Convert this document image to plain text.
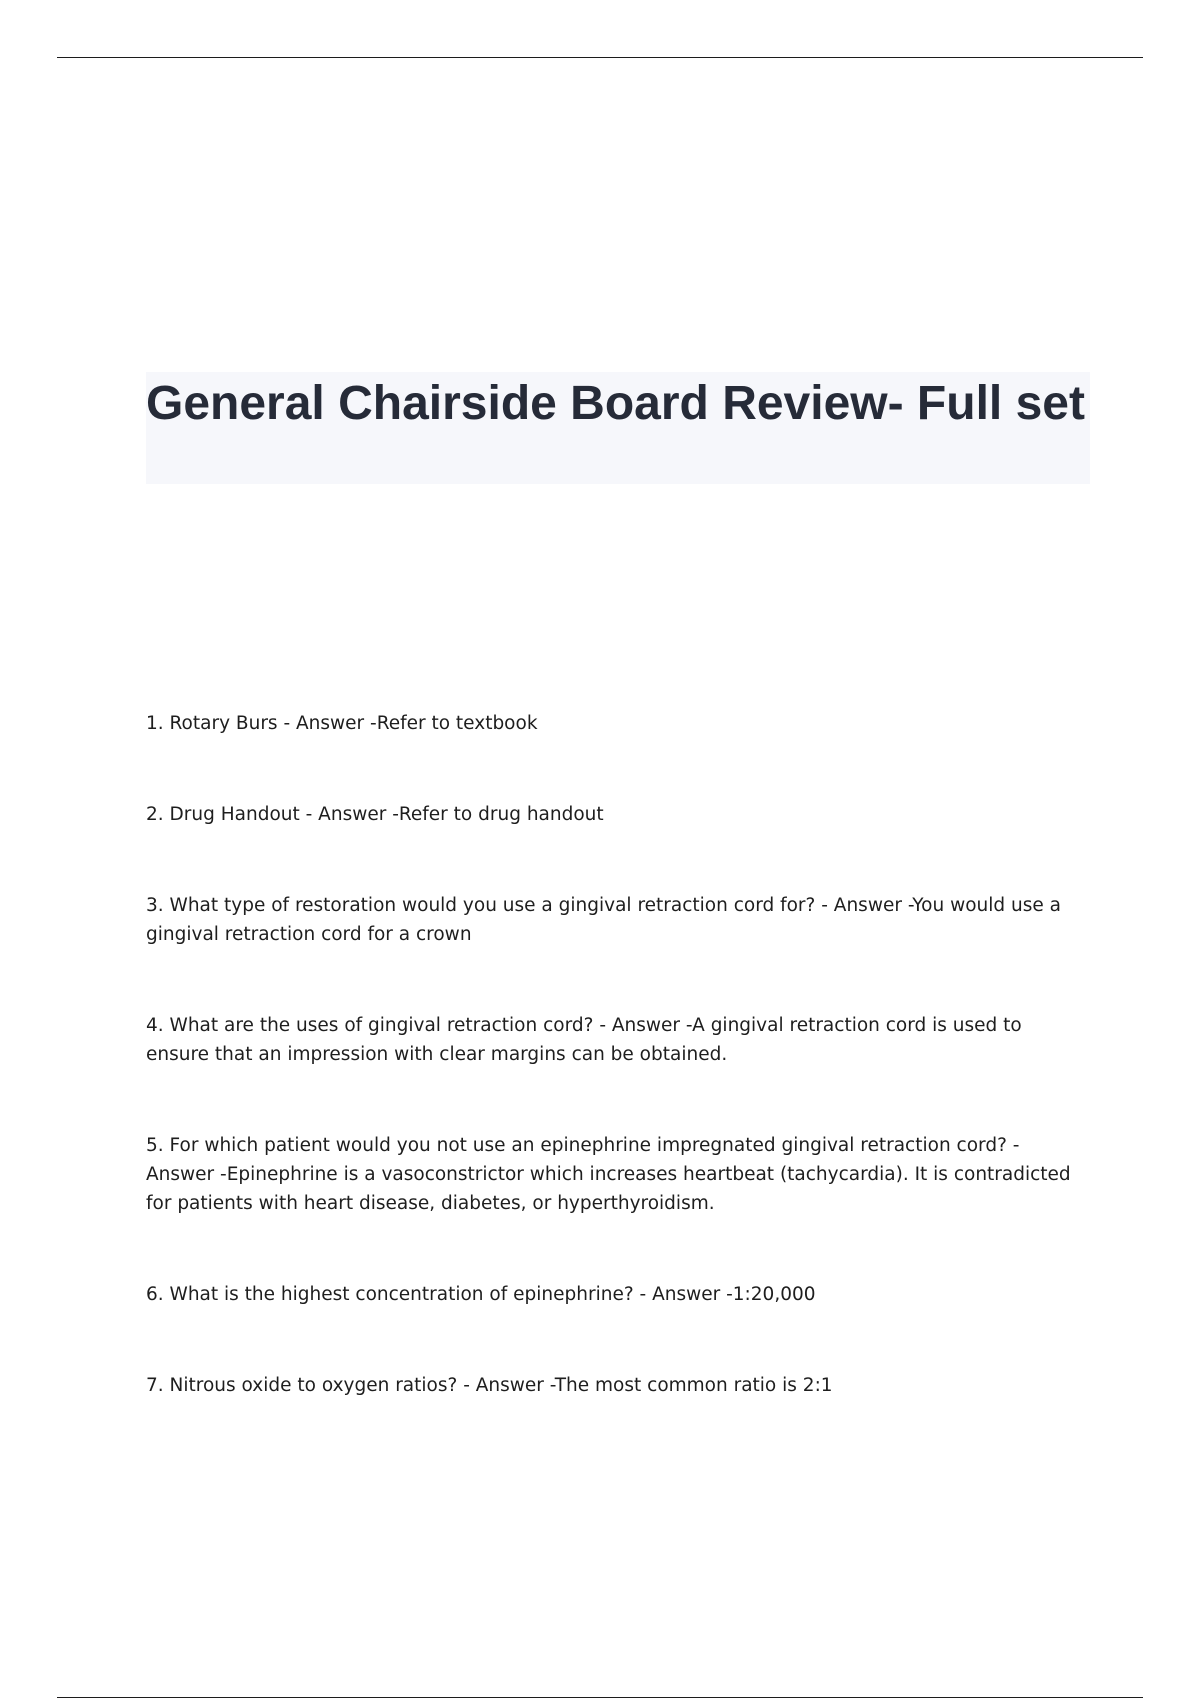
General Chairside Board Review- Full set

1. Rotary Burs - Answer -Refer to textbook

2. Drug Handout - Answer -Refer to drug handout

3. What type of restoration would you use a gingival retraction cord for? - Answer -You would use a gingival retraction cord for a crown

4. What are the uses of gingival retraction cord? - Answer -A gingival retraction cord is used to ensure that an impression with clear margins can be obtained.

5. For which patient would you not use an epinephrine impregnated gingival retraction cord? - Answer -Epinephrine is a vasoconstrictor which increases heartbeat (tachycardia). It is contradicted for patients with heart disease, diabetes, or hyperthyroidism.

6. What is the highest concentration of epinephrine? - Answer -1:20,000

7. Nitrous oxide to oxygen ratios? - Answer -The most common ratio is 2:1
